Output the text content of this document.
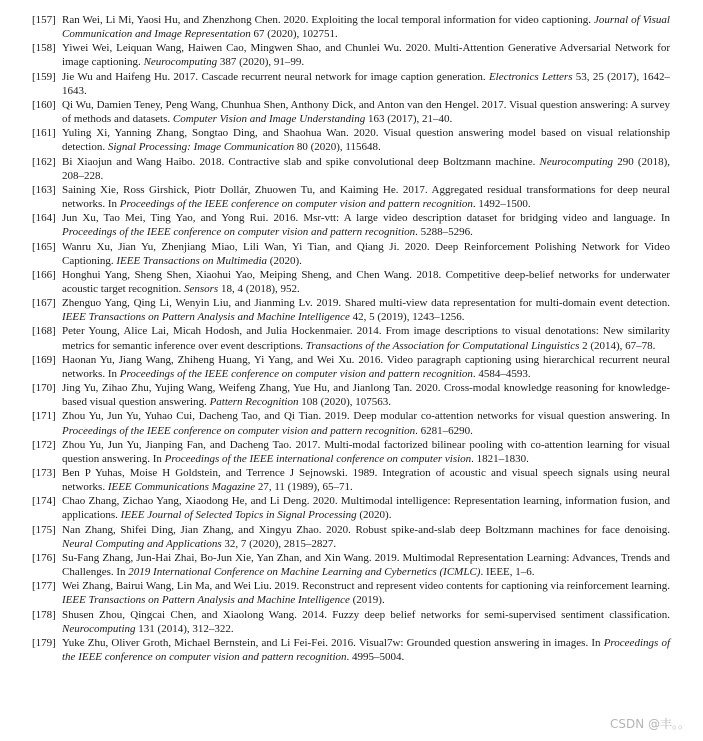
[157] Ran Wei, Li Mi, Yaosi Hu, and Zhenzhong Chen. 2020. Exploiting the local temporal information for video captioning. Journal of Visual Communication and Image Representation 67 (2020), 102751.
[158] Yiwei Wei, Leiquan Wang, Haiwen Cao, Mingwen Shao, and Chunlei Wu. 2020. Multi-Attention Generative Adversarial Network for image captioning. Neurocomputing 387 (2020), 91–99.
[159] Jie Wu and Haifeng Hu. 2017. Cascade recurrent neural network for image caption generation. Electronics Letters 53, 25 (2017), 1642–1643.
[160] Qi Wu, Damien Teney, Peng Wang, Chunhua Shen, Anthony Dick, and Anton van den Hengel. 2017. Visual question answering: A survey of methods and datasets. Computer Vision and Image Understanding 163 (2017), 21–40.
[161] Yuling Xi, Yanning Zhang, Songtao Ding, and Shaohua Wan. 2020. Visual question answering model based on visual relationship detection. Signal Processing: Image Communication 80 (2020), 115648.
[162] Bi Xiaojun and Wang Haibo. 2018. Contractive slab and spike convolutional deep Boltzmann machine. Neurocomputing 290 (2018), 208–228.
[163] Saining Xie, Ross Girshick, Piotr Dollár, Zhuowen Tu, and Kaiming He. 2017. Aggregated residual transformations for deep neural networks. In Proceedings of the IEEE conference on computer vision and pattern recognition. 1492–1500.
[164] Jun Xu, Tao Mei, Ting Yao, and Yong Rui. 2016. Msr-vtt: A large video description dataset for bridging video and language. In Proceedings of the IEEE conference on computer vision and pattern recognition. 5288–5296.
[165] Wanru Xu, Jian Yu, Zhenjiang Miao, Lili Wan, Yi Tian, and Qiang Ji. 2020. Deep Reinforcement Polishing Network for Video Captioning. IEEE Transactions on Multimedia (2020).
[166] Honghui Yang, Sheng Shen, Xiaohui Yao, Meiping Sheng, and Chen Wang. 2018. Competitive deep-belief networks for underwater acoustic target recognition. Sensors 18, 4 (2018), 952.
[167] Zhenguo Yang, Qing Li, Wenyin Liu, and Jianming Lv. 2019. Shared multi-view data representation for multi-domain event detection. IEEE Transactions on Pattern Analysis and Machine Intelligence 42, 5 (2019), 1243–1256.
[168] Peter Young, Alice Lai, Micah Hodosh, and Julia Hockenmaier. 2014. From image descriptions to visual denotations: New similarity metrics for semantic inference over event descriptions. Transactions of the Association for Computational Linguistics 2 (2014), 67–78.
[169] Haonan Yu, Jiang Wang, Zhiheng Huang, Yi Yang, and Wei Xu. 2016. Video paragraph captioning using hierarchical recurrent neural networks. In Proceedings of the IEEE conference on computer vision and pattern recognition. 4584–4593.
[170] Jing Yu, Zihao Zhu, Yujing Wang, Weifeng Zhang, Yue Hu, and Jianlong Tan. 2020. Cross-modal knowledge reasoning for knowledge-based visual question answering. Pattern Recognition 108 (2020), 107563.
[171] Zhou Yu, Jun Yu, Yuhao Cui, Dacheng Tao, and Qi Tian. 2019. Deep modular co-attention networks for visual question answering. In Proceedings of the IEEE conference on computer vision and pattern recognition. 6281–6290.
[172] Zhou Yu, Jun Yu, Jianping Fan, and Dacheng Tao. 2017. Multi-modal factorized bilinear pooling with co-attention learning for visual question answering. In Proceedings of the IEEE international conference on computer vision. 1821–1830.
[173] Ben P Yuhas, Moise H Goldstein, and Terrence J Sejnowski. 1989. Integration of acoustic and visual speech signals using neural networks. IEEE Communications Magazine 27, 11 (1989), 65–71.
[174] Chao Zhang, Zichao Yang, Xiaodong He, and Li Deng. 2020. Multimodal intelligence: Representation learning, information fusion, and applications. IEEE Journal of Selected Topics in Signal Processing (2020).
[175] Nan Zhang, Shifei Ding, Jian Zhang, and Xingyu Zhao. 2020. Robust spike-and-slab deep Boltzmann machines for face denoising. Neural Computing and Applications 32, 7 (2020), 2815–2827.
[176] Su-Fang Zhang, Jun-Hai Zhai, Bo-Jun Xie, Yan Zhan, and Xin Wang. 2019. Multimodal Representation Learning: Advances, Trends and Challenges. In 2019 International Conference on Machine Learning and Cybernetics (ICMLC). IEEE, 1–6.
[177] Wei Zhang, Bairui Wang, Lin Ma, and Wei Liu. 2019. Reconstruct and represent video contents for captioning via reinforcement learning. IEEE Transactions on Pattern Analysis and Machine Intelligence (2019).
[178] Shusen Zhou, Qingcai Chen, and Xiaolong Wang. 2014. Fuzzy deep belief networks for semi-supervised sentiment classification. Neurocomputing 131 (2014), 312–322.
[179] Yuke Zhu, Oliver Groth, Michael Bernstein, and Li Fei-Fei. 2016. Visual7w: Grounded question answering in images. In Proceedings of the IEEE conference on computer vision and pattern recognition. 4995–5004.
CSDN @丰。。
